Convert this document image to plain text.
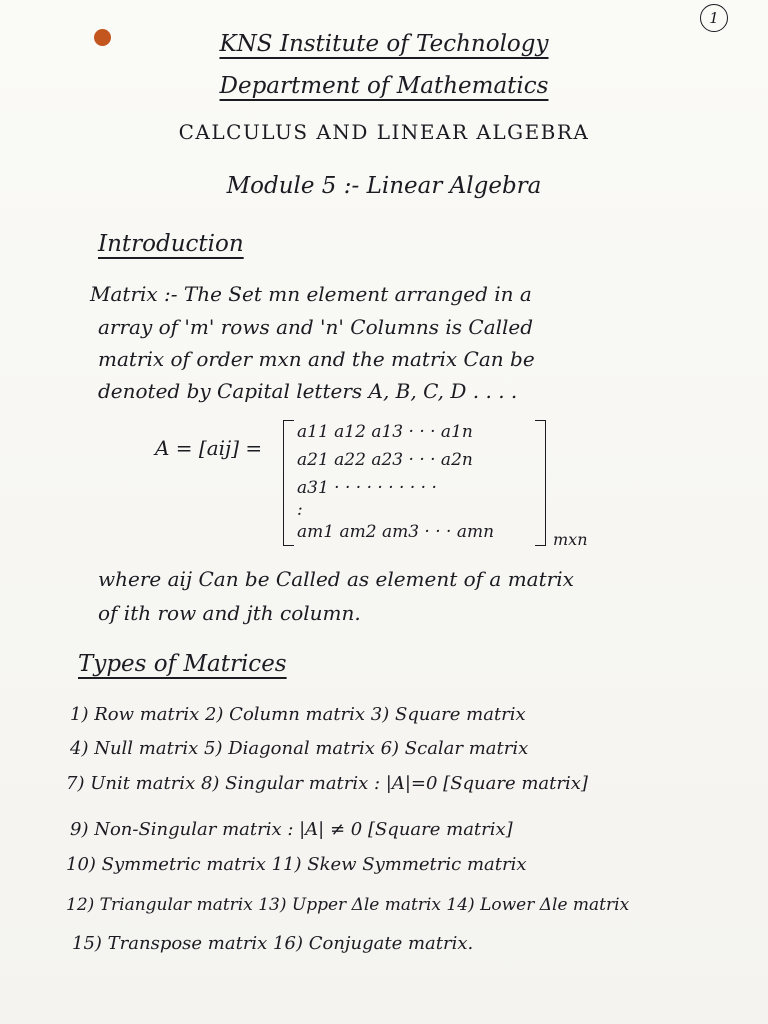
1
KNS Institute of Technology
Department of Mathematics
CALCULUS AND LINEAR ALGEBRA
Module 5 :- Linear Algebra
Introduction
Matrix :- The Set mn element arranged in a
array of 'm' rows and 'n' Columns is Called
matrix of order mxn and the matrix Can be
denoted by Capital letters A, B, C, D . . . .
A = [aij] =
a11 a12 a13 · · · a1n
a21 a22 a23 · · · a2n
a31 · · · · · · · · · ·
:
am1 am2 am3 · · · amn	mxn
where aij Can be Called as element of a matrix
of ith row and jth column.
Types of Matrices
1) Row matrix 2) Column matrix 3) Square matrix
4) Null matrix 5) Diagonal matrix 6) Scalar matrix
7) Unit matrix 8) Singular matrix : |A|=0 [Square matrix]
9) Non-Singular matrix : |A| ≠ 0 [Square matrix]
10) Symmetric matrix 11) Skew Symmetric matrix
12) Triangular matrix 13) Upper Δle matrix 14) Lower Δle matrix
15) Transpose matrix 16) Conjugate matrix.
